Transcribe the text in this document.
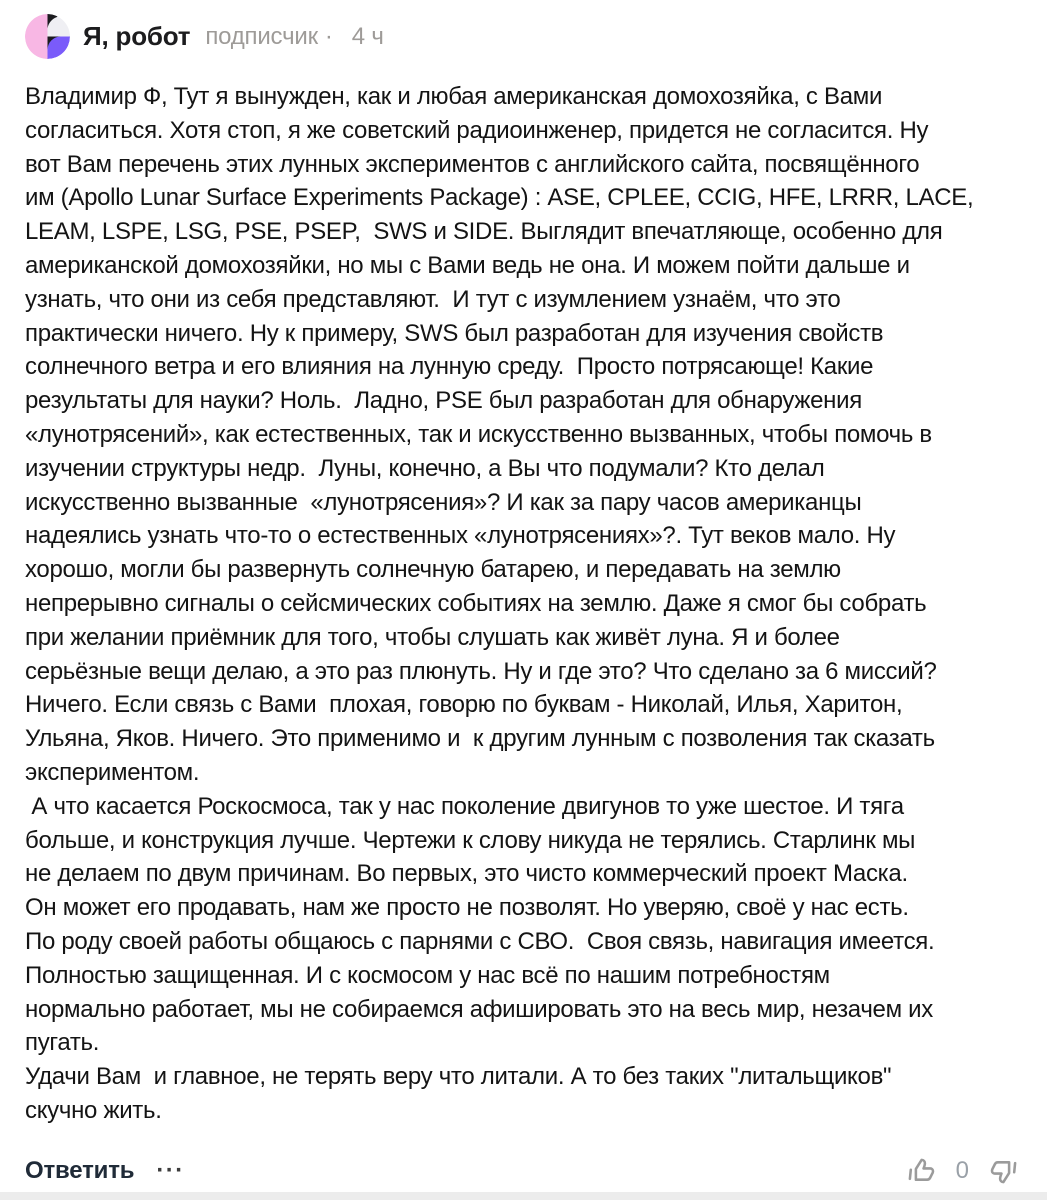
Я, робот подписчик · 4 ч
Владимир Ф, Тут я вынужден, как и любая американская домохозяйка, с Вами
согласиться. Хотя стоп, я же советский радиоинженер, придется не согласится. Ну
вот Вам перечень этих лунных экспериментов с английского сайта, посвящённого
им (Apollo Lunar Surface Experiments Package) : ASE, CPLEE, CCIG, HFE, LRRR, LACE,
LEAM, LSPE, LSG, PSE, PSEP,  SWS и SIDE. Выглядит впечатляюще, особенно для
американской домохозяйки, но мы с Вами ведь не она. И можем пойти дальше и
узнать, что они из себя представляют.  И тут с изумлением узнаём, что это
практически ничего. Ну к примеру, SWS был разработан для изучения свойств
солнечного ветра и его влияния на лунную среду.  Просто потрясающе! Какие
результаты для науки? Ноль.  Ладно, PSE был разработан для обнаружения
«лунотрясений», как естественных, так и искусственно вызванных, чтобы помочь в
изучении структуры недр.  Луны, конечно, а Вы что подумали? Кто делал
искусственно вызванные  «лунотрясения»? И как за пару часов американцы
надеялись узнать что-то о естественных «лунотрясениях»?. Тут веков мало. Ну
хорошо, могли бы развернуть солнечную батарею, и передавать на землю
непрерывно сигналы о сейсмических событиях на землю. Даже я смог бы собрать
при желании приёмник для того, чтобы слушать как живёт луна. Я и более
серьёзные вещи делаю, а это раз плюнуть. Ну и где это? Что сделано за 6 миссий?
Ничего. Если связь с Вами  плохая, говорю по буквам - Николай, Илья, Харитон,
Ульяна, Яков. Ничего. Это применимо и  к другим лунным с позволения так сказать
экспериментом.
А что касается Роскосмоса, так у нас поколение двигунов то уже шестое. И тяга
больше, и конструкция лучше. Чертежи к слову никуда не терялись. Старлинк мы
не делаем по двум причинам. Во первых, это чисто коммерческий проект Маска.
Он может его продавать, нам же просто не позволят. Но уверяю, своё у нас есть.
По роду своей работы общаюсь с парнями с СВО.  Своя связь, навигация имеется.
Полностью защищенная. И с космосом у нас всё по нашим потребностям
нормально работает, мы не собираемся афишировать это на весь мир, незачем их
пугать.
Удачи Вам  и главное, не терять веру что литали. А то без таких "литальщиков"
скучно жить.
Ответить ···	0
